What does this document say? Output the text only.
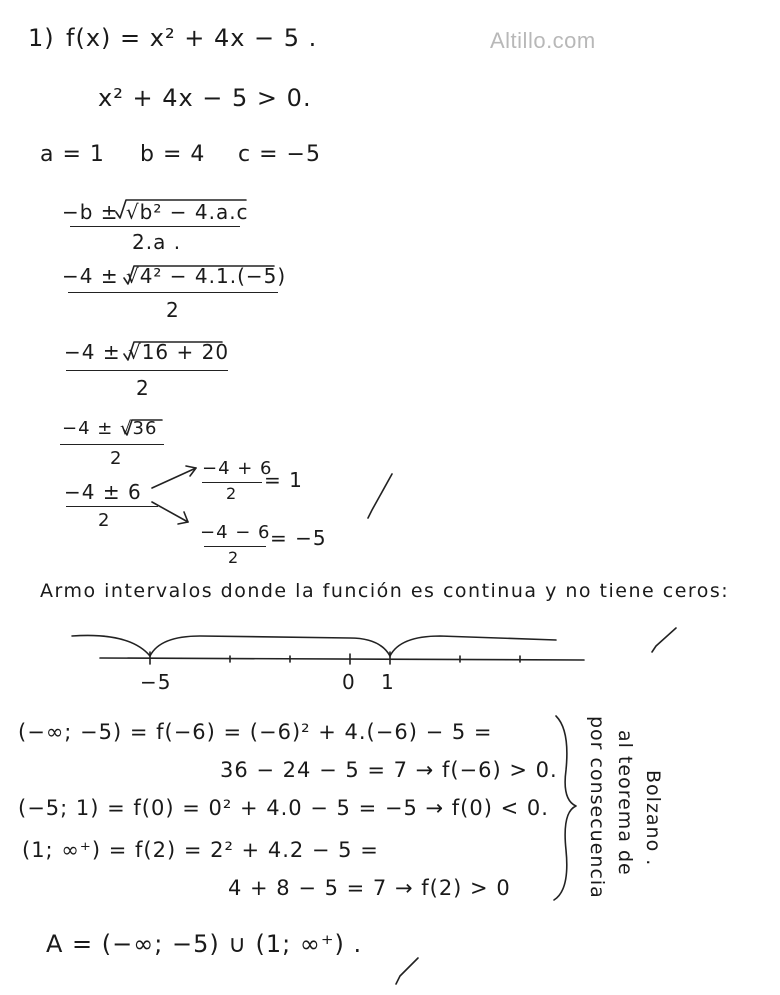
Altillo.com
1) f(x) = x² + 4x − 5 .
x² + 4x − 5 > 0.
a = 1 b = 4 c = −5
−b ± √b² − 4.a.c
2.a .
−4 ± √4² − 4.1.(−5)
2
−4 ± √16 + 20
2
−4 ± √36
2
−4 ± 6
2
−4 + 6
2
= 1
−4 − 6
2
= −5
Armo intervalos donde la función es continua y no tiene ceros:
−5	0 1
(−∞; −5) = f(−6) = (−6)² + 4.(−6) − 5 =
36 − 24 − 5 = 7 → f(−6) > 0.
(−5; 1) = f(0) = 0² + 4.0 − 5 = −5 → f(0) < 0.
(1; ∞⁺) = f(2) = 2² + 4.2 − 5 =
4 + 8 − 5 = 7 → f(2) > 0	por consecuencia al teorema de Bolzano .
A = (−∞; −5) ∪ (1; ∞⁺) .
